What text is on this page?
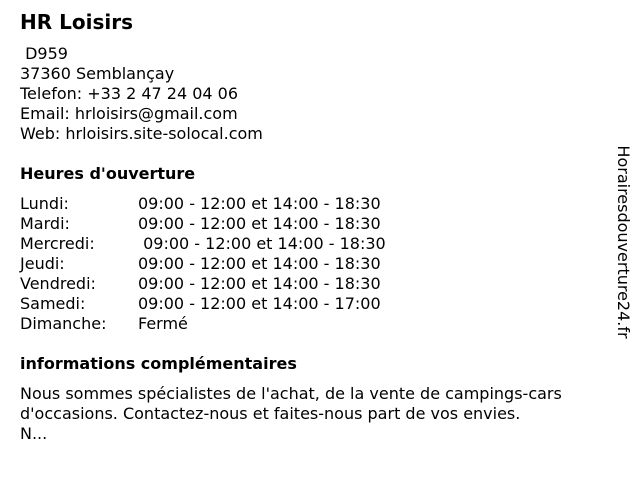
HR Loisirs
D959
37360 Semblançay
Telefon: +33 2 47 24 04 06
Email: hrloisirs@gmail.com
Web: hrloisirs.site-solocal.com
Heures d'ouverture
Lundi:	09:00 - 12:00 et 14:00 - 18:30
Mardi:	09:00 - 12:00 et 14:00 - 18:30
Mercredi:	09:00 - 12:00 et 14:00 - 18:30
Jeudi:	09:00 - 12:00 et 14:00 - 18:30
Vendredi:	09:00 - 12:00 et 14:00 - 18:30
Samedi:	09:00 - 12:00 et 14:00 - 17:00
Dimanche:	Fermé
informations complémentaires
Nous sommes spécialistes de l'achat, de la vente de campings-cars
d'occasions. Contactez-nous et faites-nous part de vos envies.
N...
Horairesdouverture24.fr
